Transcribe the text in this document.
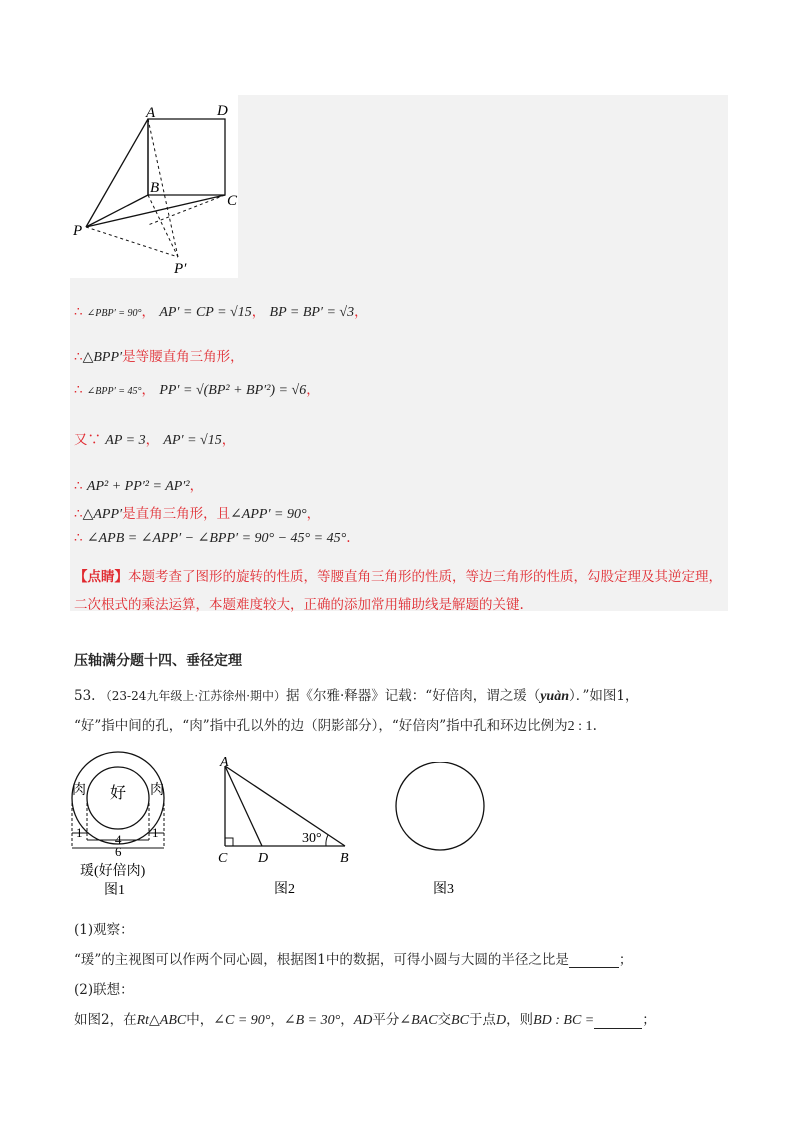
A	D
B
C
P
P′
∴ ∠PBP′ = 90°， AP′ = CP = √15， BP = BP′ = √3，
∴△BPP′是等腰直角三角形，
∴ ∠BPP′ = 45°， PP′ = √(BP² + BP′²) = √6，
又∵ AP = 3， AP′ = √15，
∴ AP² + PP′² = AP′²，
∴△APP′是直角三角形，且∠APP′ = 90°，
∴ ∠APB = ∠APP′ − ∠BPP′ = 90° − 45° = 45°.
【点睛】本题考查了图形的旋转的性质，等腰直角三角形的性质，等边三角形的性质，勾股定理及其逆定理，二次根式的乘法运算，本题难度较大，正确的添加常用辅助线是解题的关键.
压轴满分题十四、垂径定理
53. （23-24九年级上·江苏徐州·期中）据《尔雅·释器》记载：“好倍肉，谓之瑗（yuàn）．”如图1，
“好”指中间的孔，“肉”指中孔以外的边（阴影部分），“好倍肉”指中孔和环边比例为2 : 1.
肉 好 肉
1	4 1
6
瑗(好倍肉)
图1
A
C D	B
30°
图2	图3
(1)观察：
“瑗”的主视图可以作两个同心圆，根据图1中的数据，可得小圆与大圆的半径之比是	；
(2)联想：
如图2，在Rt△ABC中，∠C = 90°，∠B = 30°，AD平分∠BAC交BC于点D，则BD : BC =	；
